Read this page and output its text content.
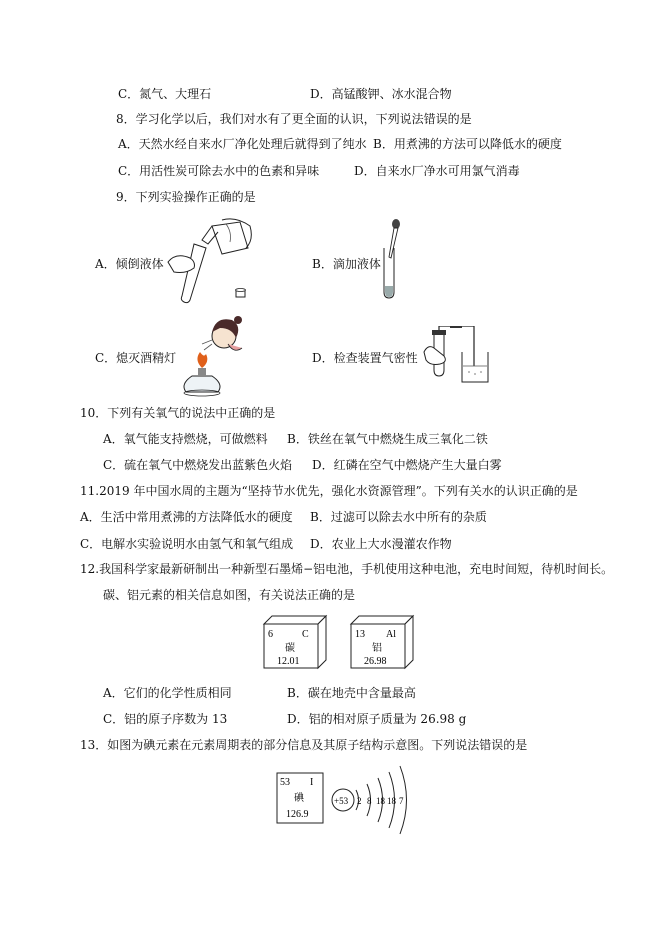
C．氮气、大理石	D．高锰酸钾、冰水混合物
8．学习化学以后，我们对水有了更全面的认识，下列说法错误的是
A．天然水经自来水厂净化处理后就得到了纯水 B．用煮沸的方法可以降低水的硬度
C．用活性炭可除去水中的色素和异味	D．自来水厂净水可用氯气消毒
9．下列实验操作正确的是
A．倾倒液体	B．滴加液体
C．熄灭酒精灯	D．检查装置气密性
10．下列有关氧气的说法中正确的是
A．氧气能支持燃烧，可做燃料 B．铁丝在氧气中燃烧生成三氧化二铁
C．硫在氧气中燃烧发出蓝紫色火焰 D．红磷在空气中燃烧产生大量白雾
11.2019 年中国水周的主题为“坚持节水优先，强化水资源管理”。下列有关水的认识正确的是
A．生活中常用煮沸的方法降低水的硬度 B．过滤可以除去水中所有的杂质
C．电解水实验说明水由氢气和氧气组成 D．农业上大水漫灌农作物
12.我国科学家最新研制出一种新型石墨烯−铝电池，手机使用这种电池，充电时间短，待机时间长。
碳、铝元素的相关信息如图，有关说法正确的是
6	C
碳
12.01
13 Al
铝
26.98
A．它们的化学性质相同	B．碳在地壳中含量最高
C．铝的原子序数为 13	D．铝的相对原子质量为 26.98 g
13．如图为碘元素在元素周期表的部分信息及其原子结构示意图。下列说法错误的是
53 I
碘
126.9
+53 2 8 18 18 7
